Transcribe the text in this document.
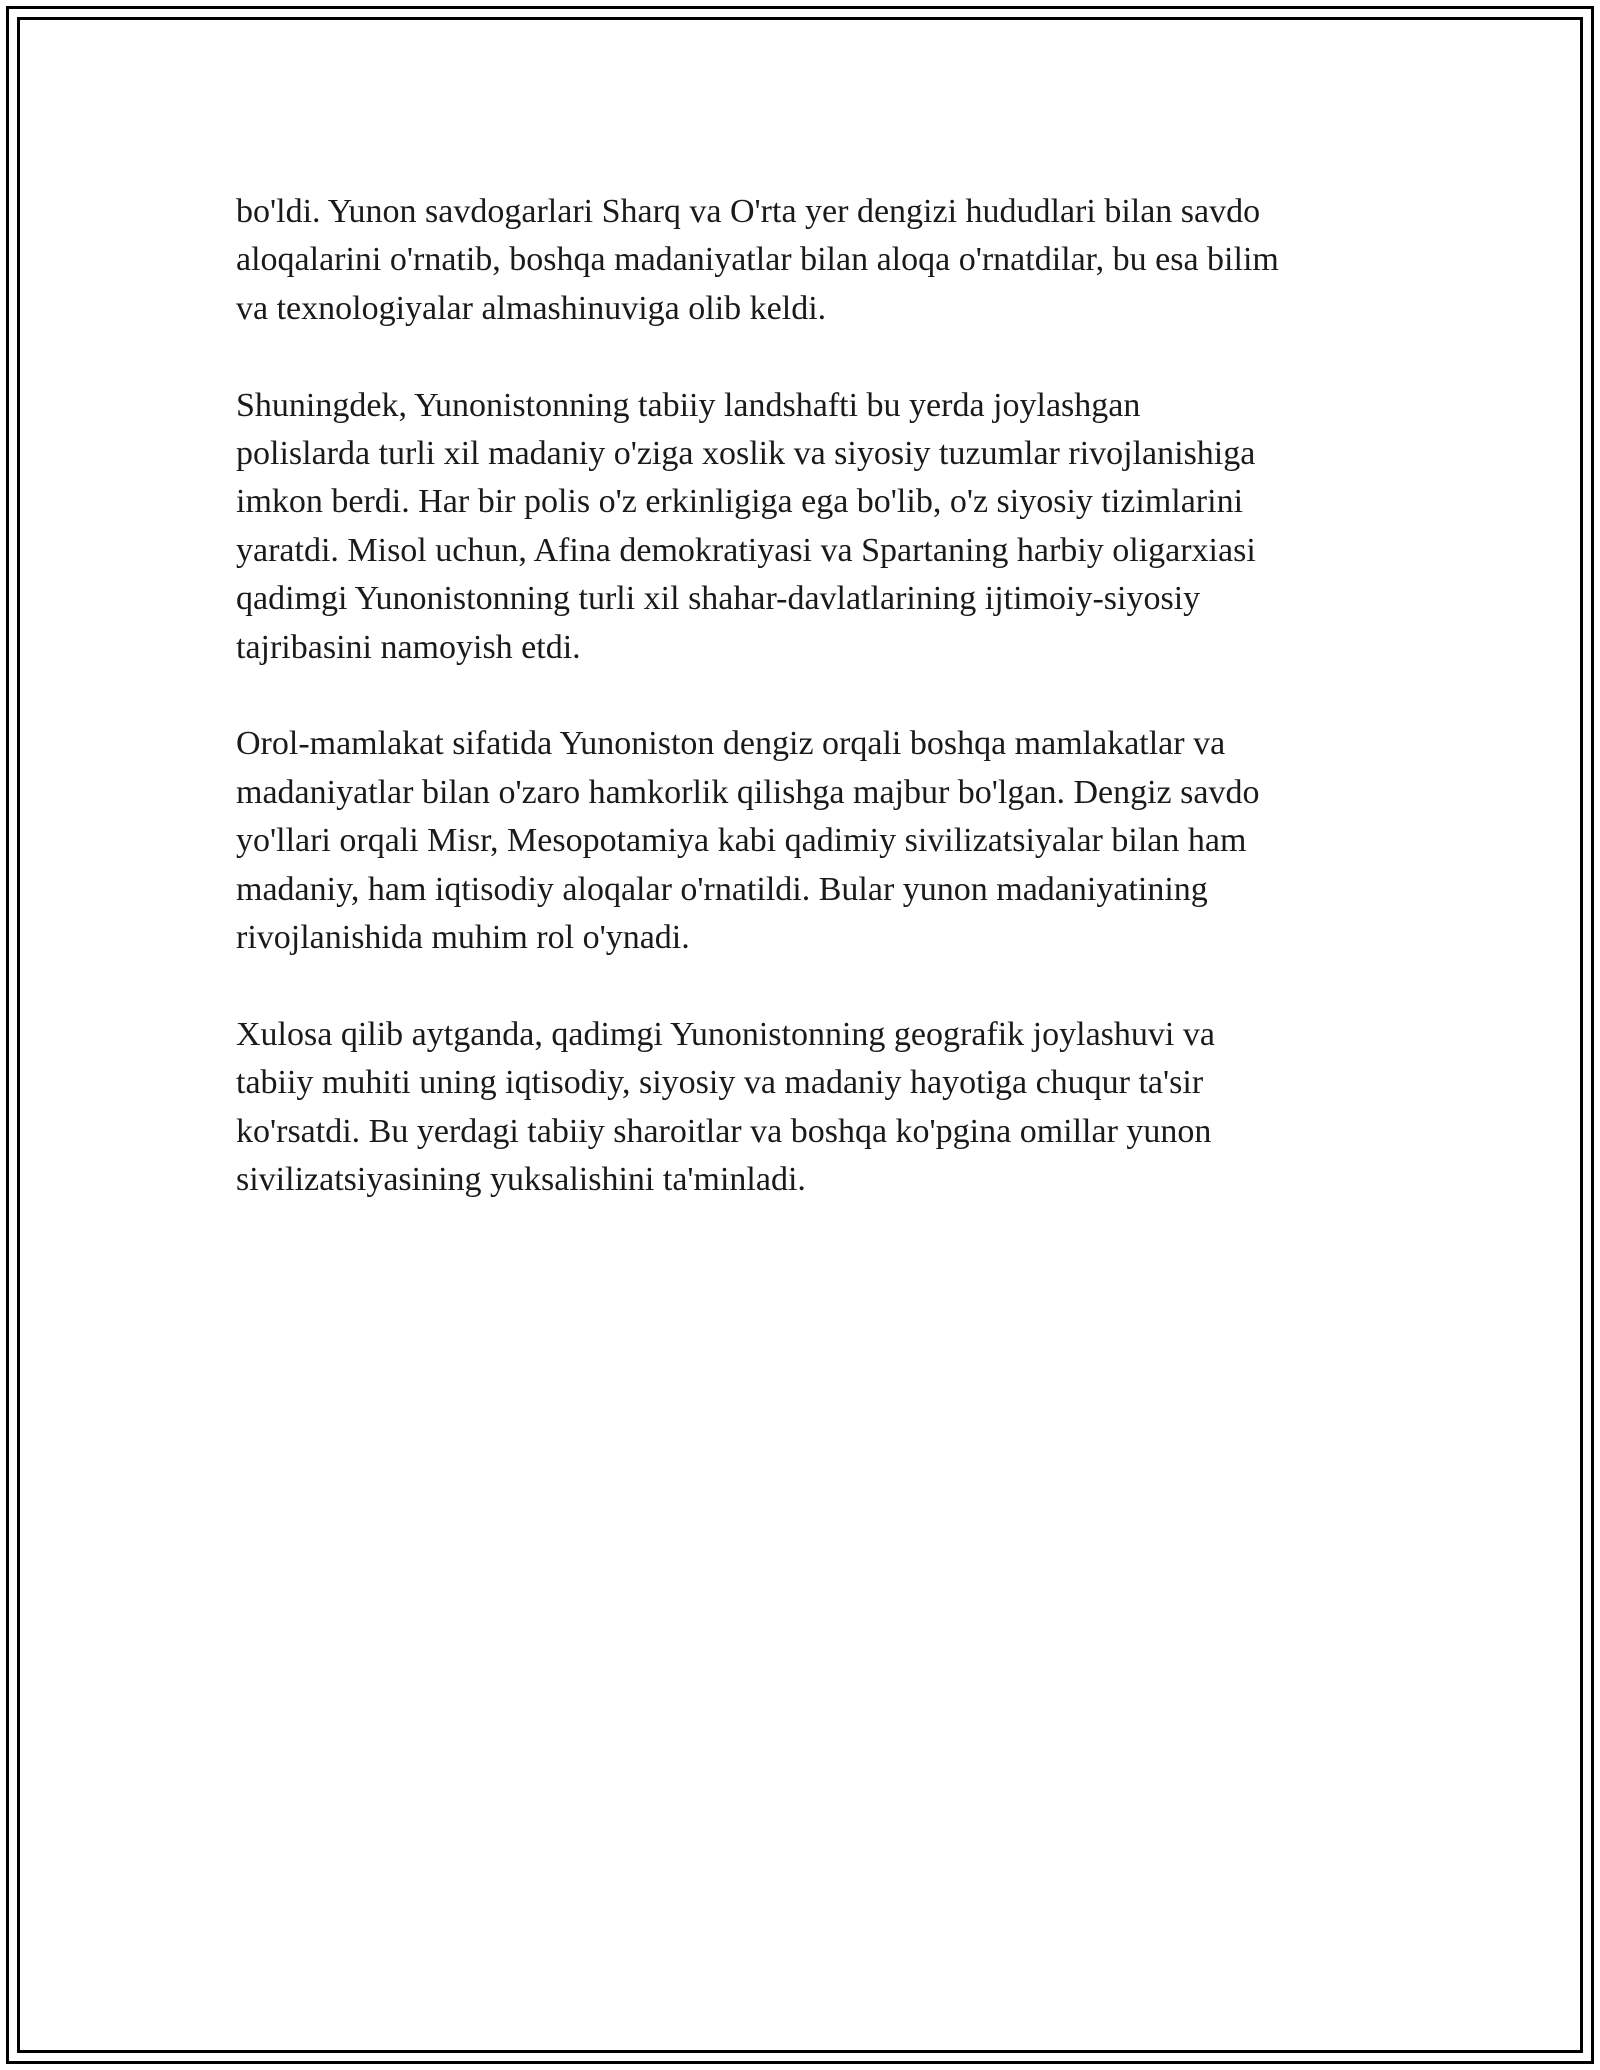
bo'ldi. Yunon savdogarlari Sharq va O'rta yer dengizi hududlari bilan savdo
aloqalarini o'rnatib, boshqa madaniyatlar bilan aloqa o'rnatdilar, bu esa bilim
va texnologiyalar almashinuviga olib keldi.

Shuningdek, Yunonistonning tabiiy landshafti bu yerda joylashgan
polislarda turli xil madaniy o'ziga xoslik va siyosiy tuzumlar rivojlanishiga
imkon berdi. Har bir polis o'z erkinligiga ega bo'lib, o'z siyosiy tizimlarini
yaratdi. Misol uchun, Afina demokratiyasi va Spartaning harbiy oligarxiasi
qadimgi Yunonistonning turli xil shahar-davlatlarining ijtimoiy-siyosiy
tajribasini namoyish etdi.

Orol-mamlakat sifatida Yunoniston dengiz orqali boshqa mamlakatlar va
madaniyatlar bilan o'zaro hamkorlik qilishga majbur bo'lgan. Dengiz savdo
yo'llari orqali Misr, Mesopotamiya kabi qadimiy sivilizatsiyalar bilan ham
madaniy, ham iqtisodiy aloqalar o'rnatildi. Bular yunon madaniyatining
rivojlanishida muhim rol o'ynadi.

Xulosa qilib aytganda, qadimgi Yunonistonning geografik joylashuvi va
tabiiy muhiti uning iqtisodiy, siyosiy va madaniy hayotiga chuqur ta'sir
ko'rsatdi. Bu yerdagi tabiiy sharoitlar va boshqa ko'pgina omillar yunon
sivilizatsiyasining yuksalishini ta'minladi.
